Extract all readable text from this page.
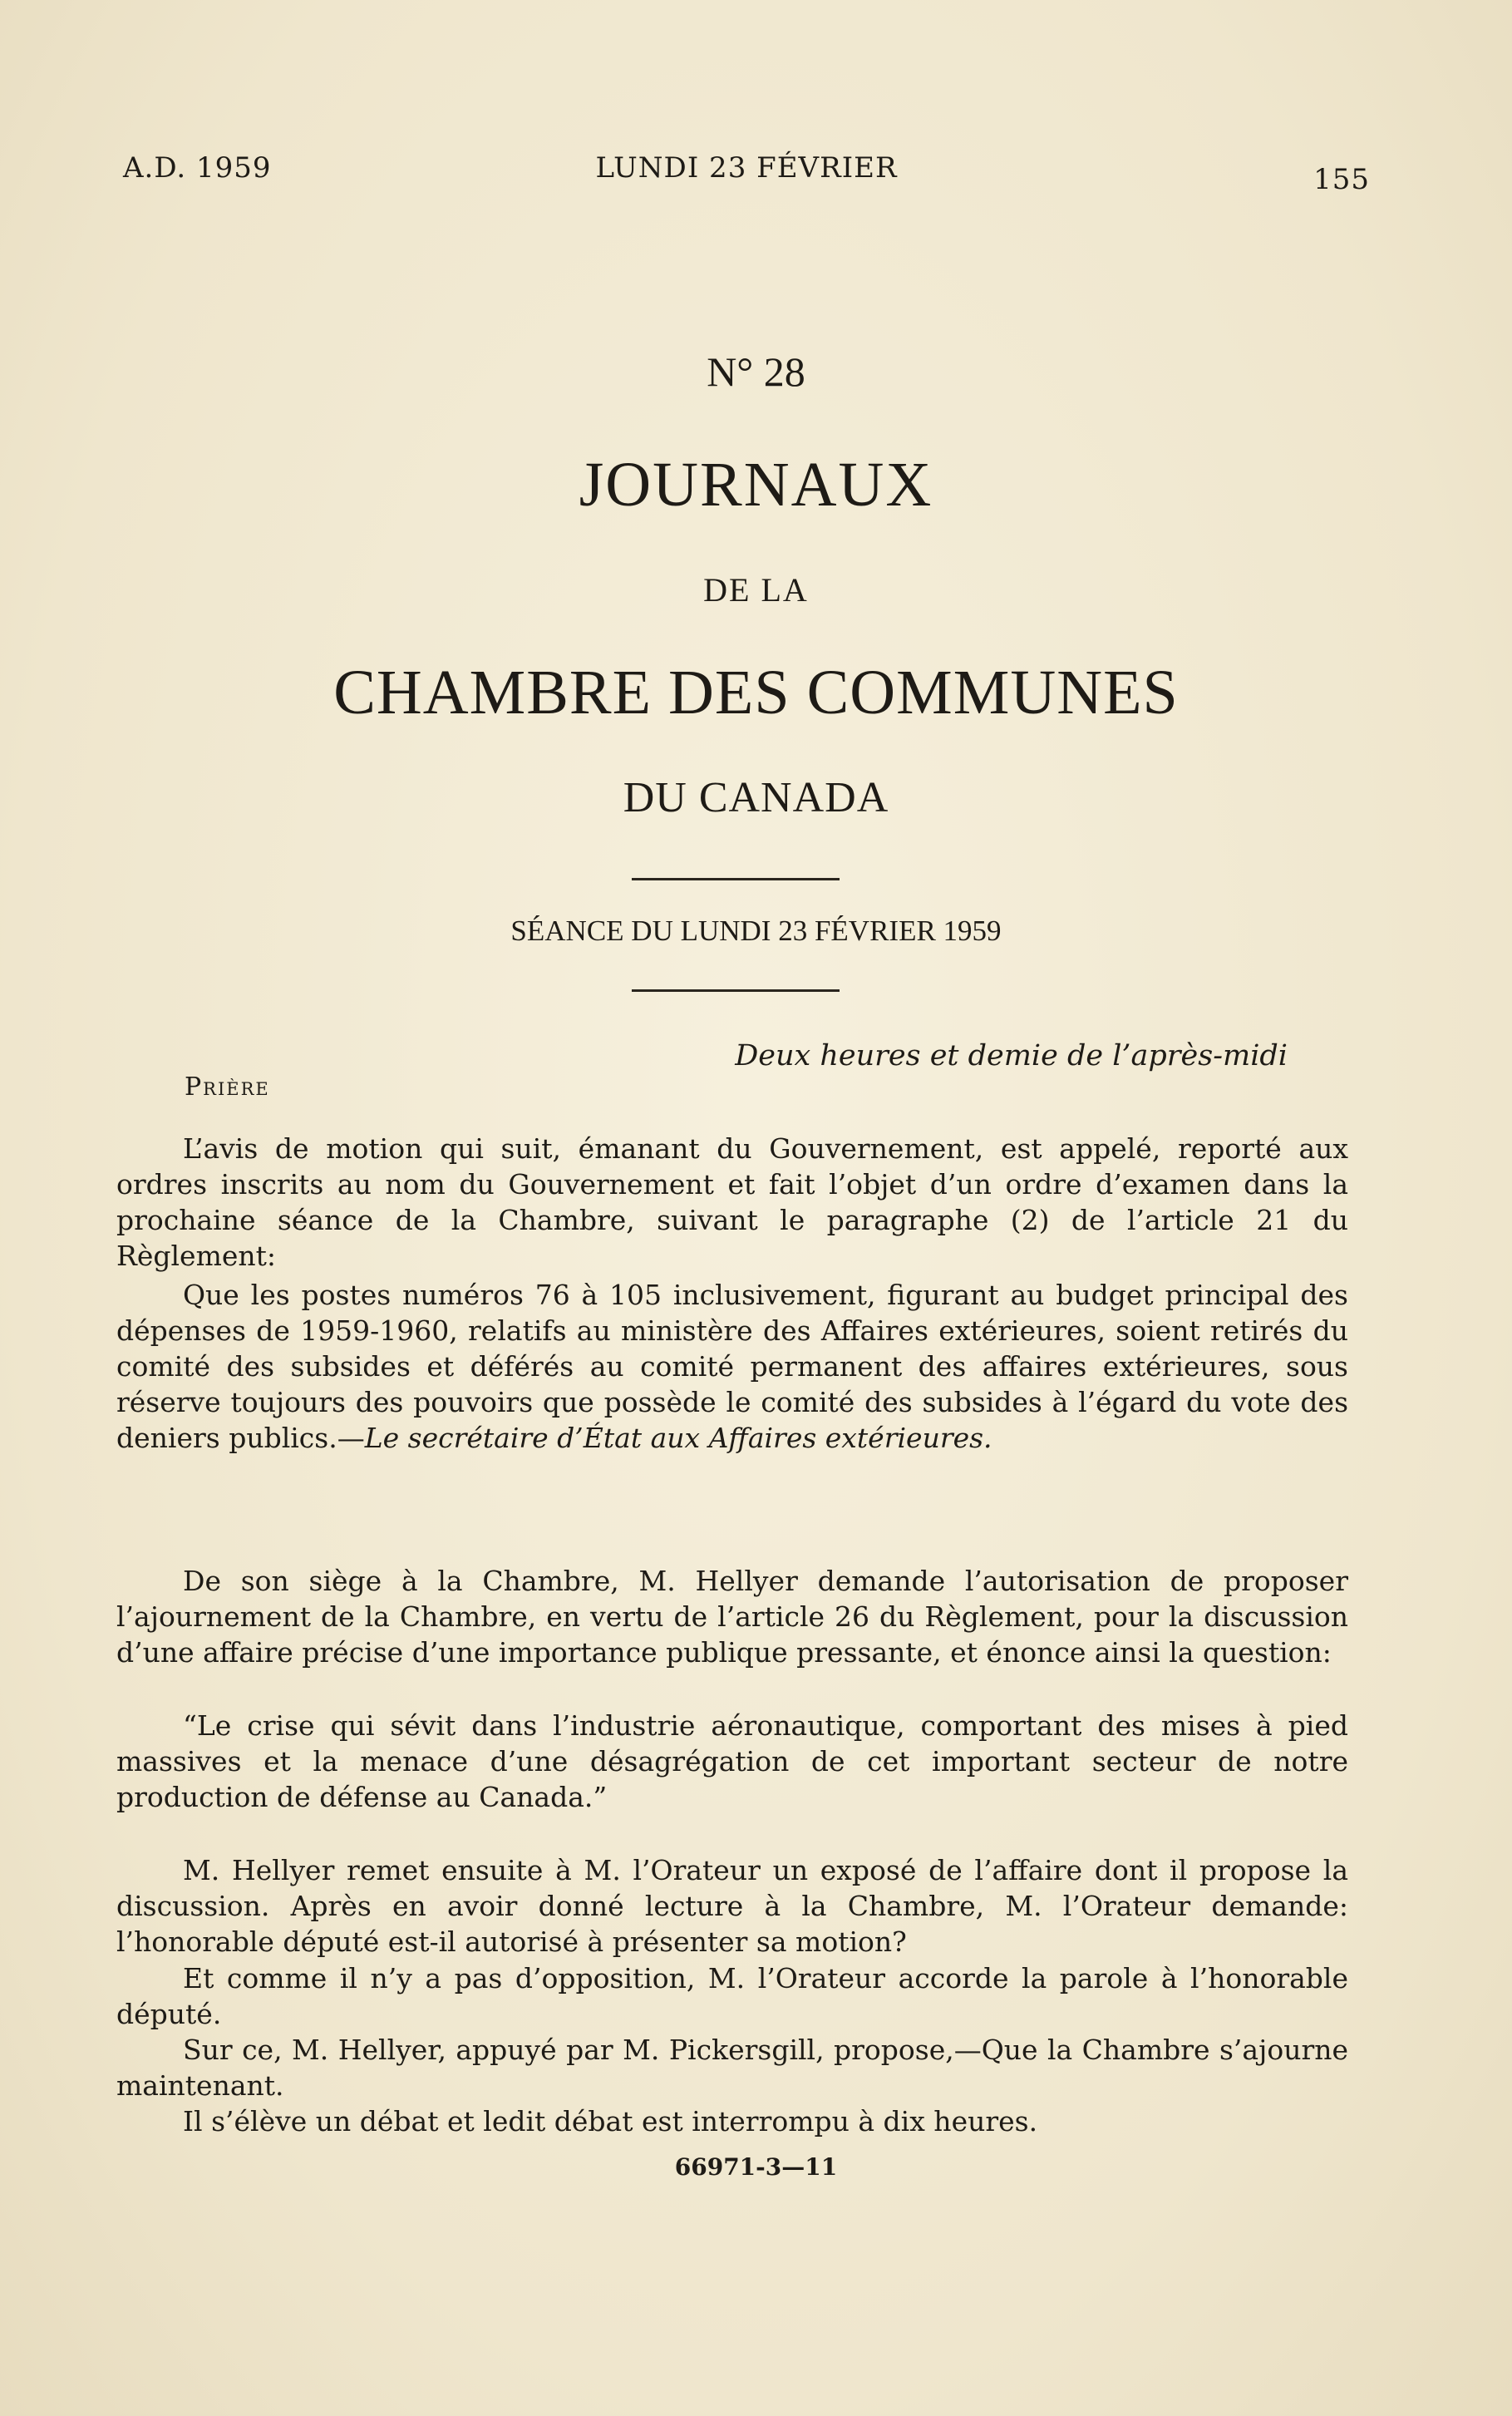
A.D. 1959	LUNDI 23 FÉVRIER	155
N° 28
JOURNAUX
DE LA
CHAMBRE DES COMMUNES
DU CANADA
SÉANCE DU LUNDI 23 FÉVRIER 1959
Deux heures et demie de l’après-midi
Prière
L’avis de motion qui suit, émanant du Gouvernement, est appelé, reporté aux ordres inscrits au nom du Gouvernement et fait l’objet d’un ordre d’examen dans la prochaine séance de la Chambre, suivant le paragraphe (2) de l’article 21 du Règlement:
Que les postes numéros 76 à 105 inclusivement, figurant au budget principal des dépenses de 1959-1960, relatifs au ministère des Affaires extérieures, soient retirés du comité des subsides et déférés au comité permanent des affaires extérieures, sous réserve toujours des pouvoirs que possède le comité des subsides à l’égard du vote des deniers publics.—Le secrétaire d’État aux Affaires extérieures.
De son siège à la Chambre, M. Hellyer demande l’autorisation de proposer l’ajournement de la Chambre, en vertu de l’article 26 du Règlement, pour la discussion d’une affaire précise d’une importance publique pressante, et énonce ainsi la question:
“Le crise qui sévit dans l’industrie aéronautique, comportant des mises à pied massives et la menace d’une désagrégation de cet important secteur de notre production de défense au Canada.”
M. Hellyer remet ensuite à M. l’Orateur un exposé de l’affaire dont il propose la discussion. Après en avoir donné lecture à la Chambre, M. l’Orateur demande: l’honorable député est-il autorisé à présenter sa motion?
Et comme il n’y a pas d’opposition, M. l’Orateur accorde la parole à l’honorable député.
Sur ce, M. Hellyer, appuyé par M. Pickersgill, propose,—Que la Chambre s’ajourne maintenant.
Il s’élève un débat et ledit débat est interrompu à dix heures.
66971-3—11
